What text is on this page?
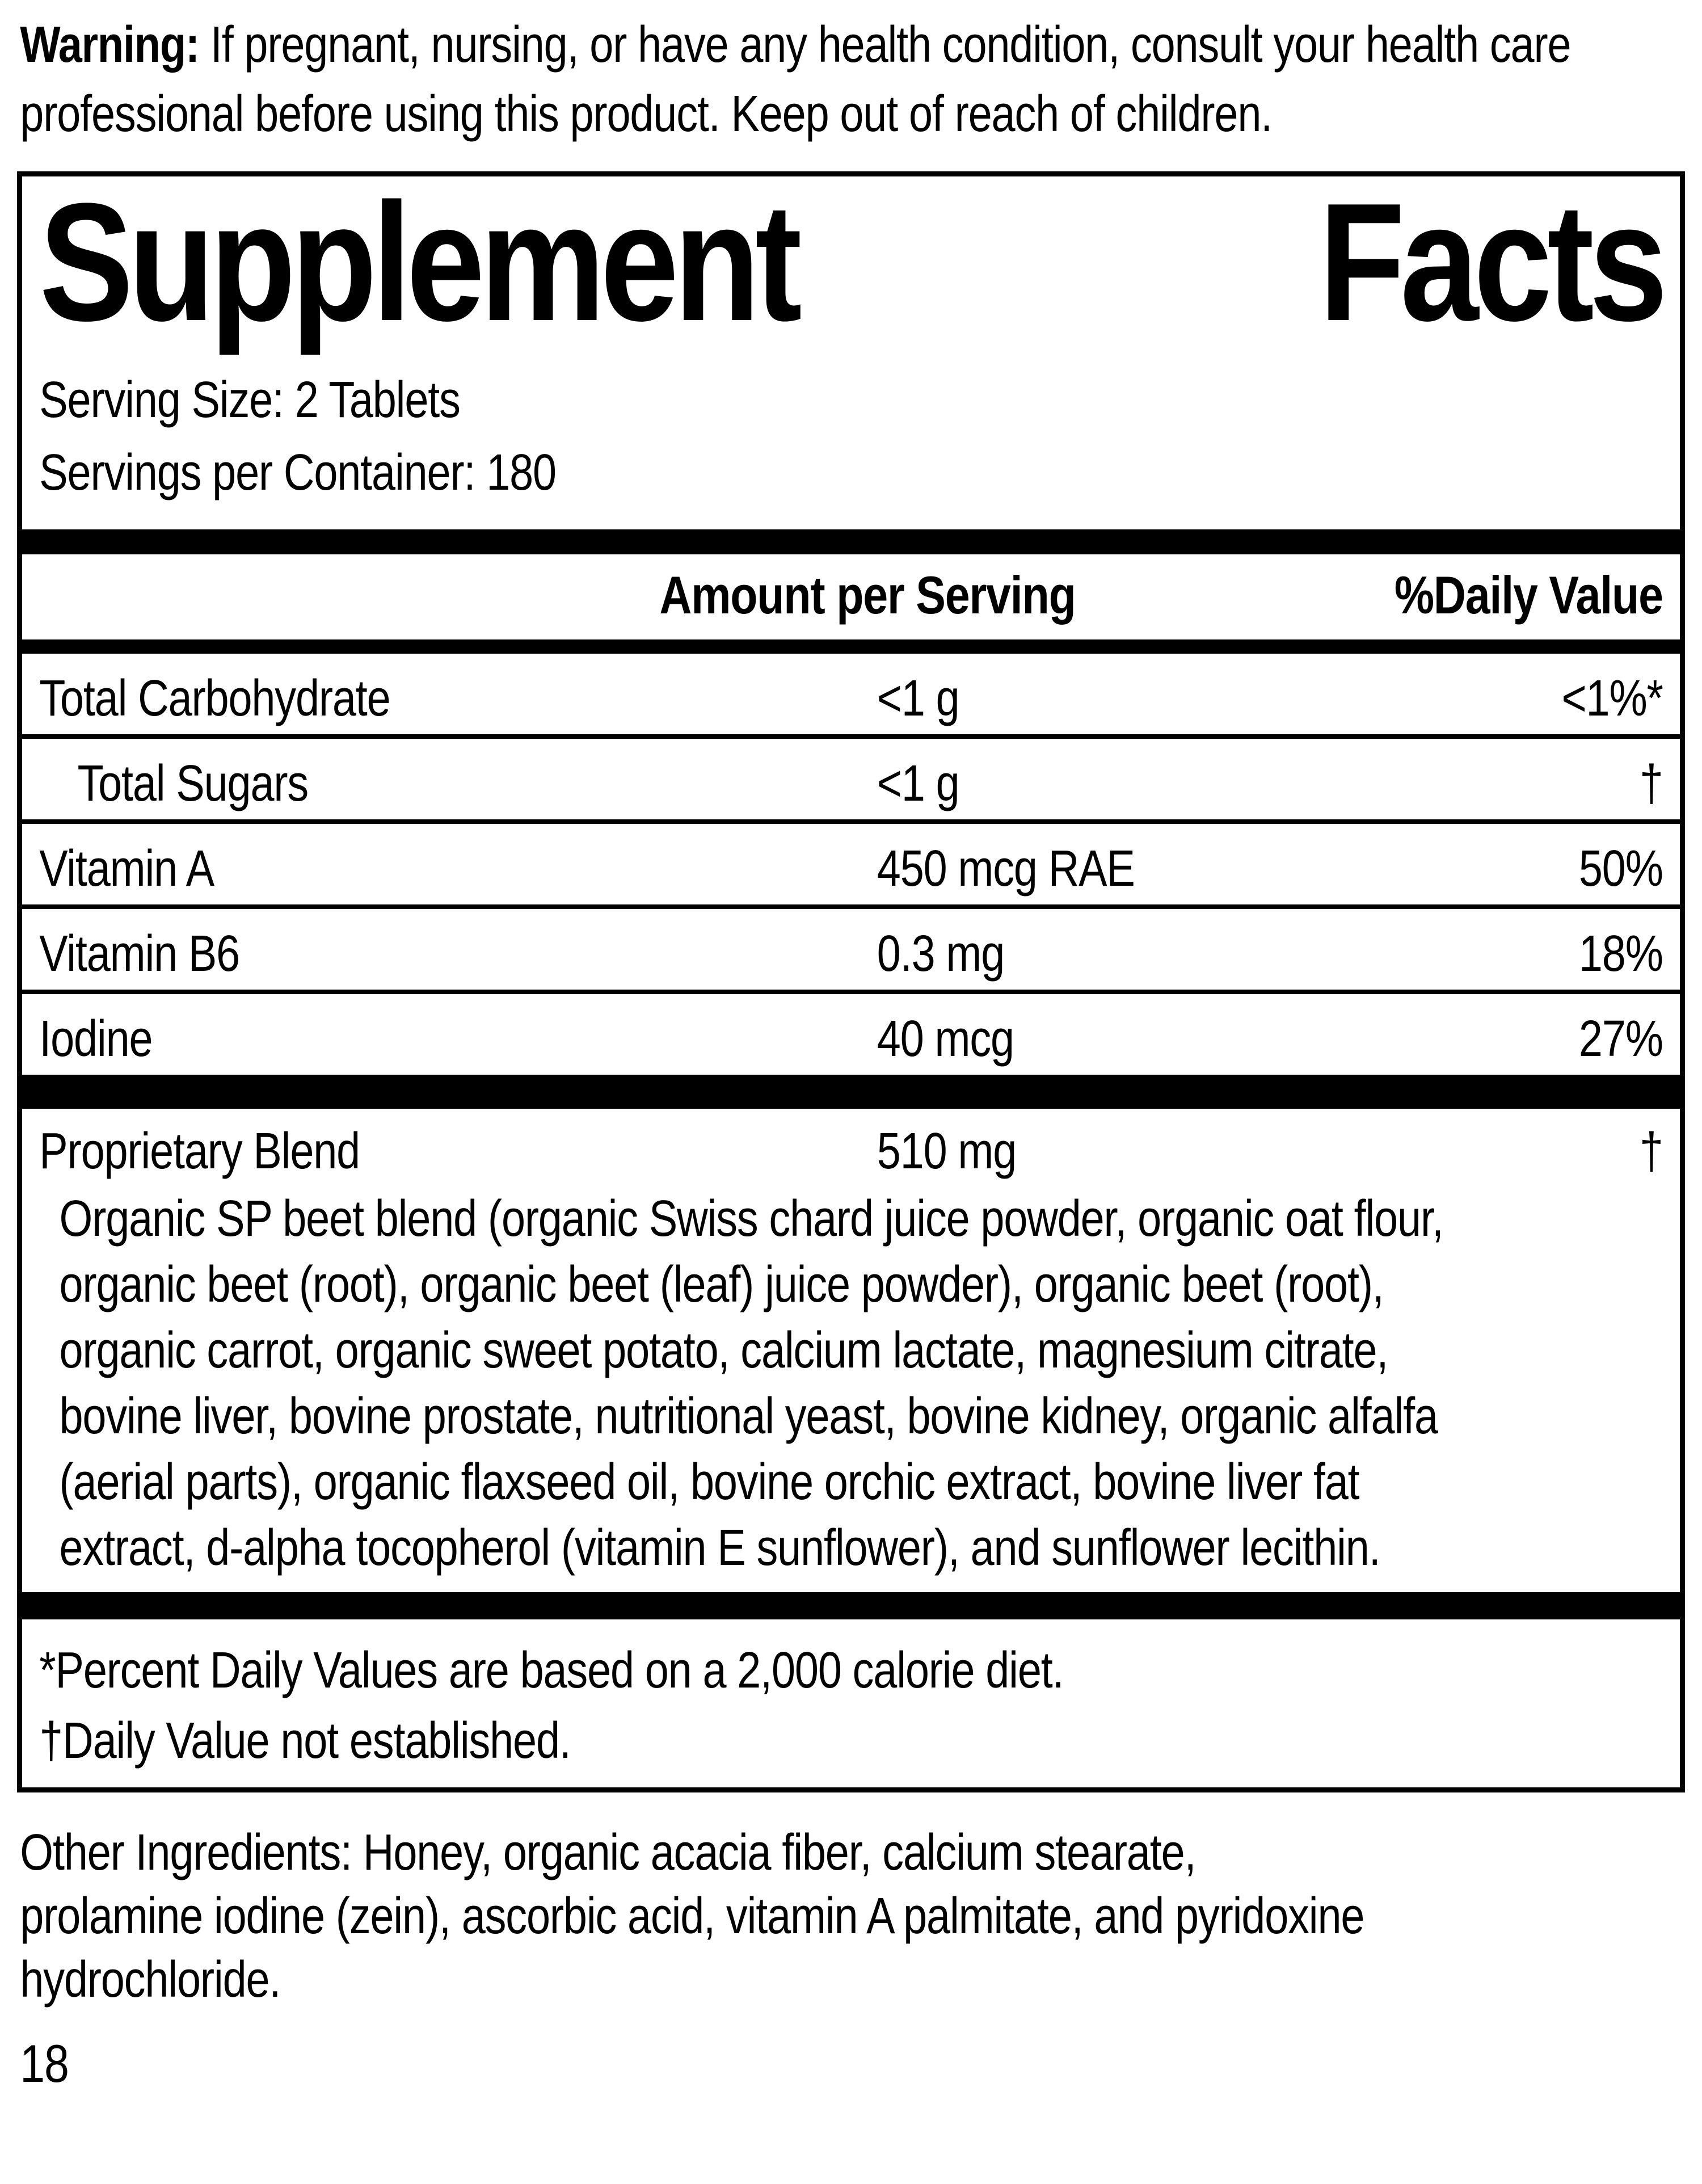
Warning: If pregnant, nursing, or have any health condition, consult your health care professional before using this product. Keep out of reach of children.

Supplement Facts
Serving Size: 2 Tablets
Servings per Container: 180
Amount per Serving	%Daily Value
Total Carbohydrate	<1 g	<1%*
Total Sugars	<1 g	†
Vitamin A	450 mcg RAE	50%
Vitamin B6	0.3 mg	18%
Iodine	40 mcg	27%
Proprietary Blend	510 mg	†
Organic SP beet blend (organic Swiss chard juice powder, organic oat flour,
organic beet (root), organic beet (leaf) juice powder), organic beet (root),
organic carrot, organic sweet potato, calcium lactate, magnesium citrate,
bovine liver, bovine prostate, nutritional yeast, bovine kidney, organic alfalfa
(aerial parts), organic flaxseed oil, bovine orchic extract, bovine liver fat
extract, d-alpha tocopherol (vitamin E sunflower), and sunflower lecithin.
*Percent Daily Values are based on a 2,000 calorie diet.
†Daily Value not established.
Other Ingredients: Honey, organic acacia fiber, calcium stearate,
prolamine iodine (zein), ascorbic acid, vitamin A palmitate, and pyridoxine
hydrochloride.
18
